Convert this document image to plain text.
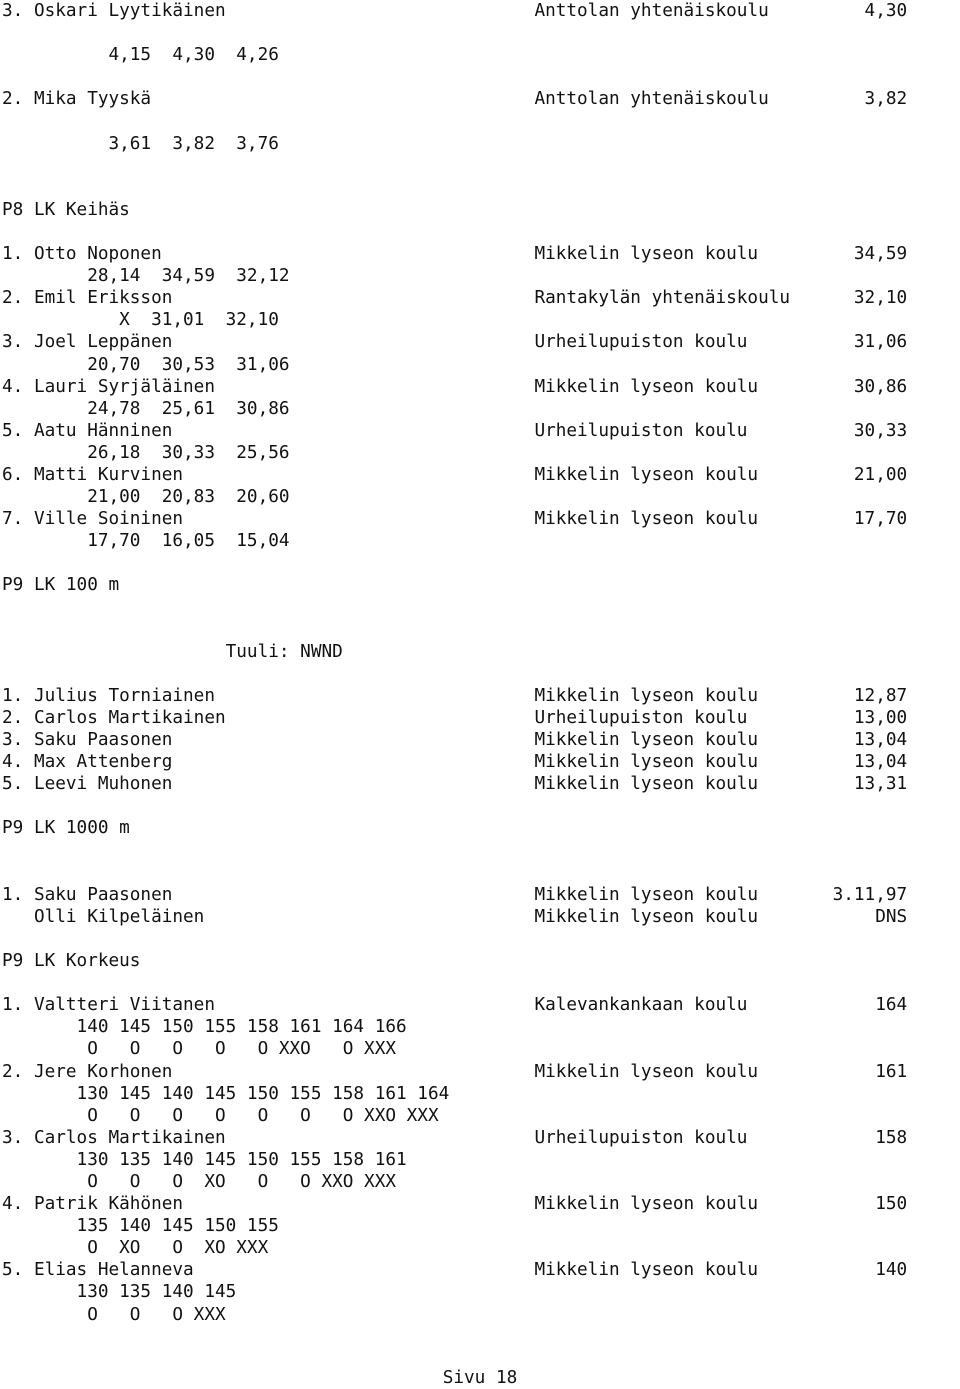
3. Oskari Lyytikäinen                             Anttolan yhtenäiskoulu         4,30

4,15  4,30  4,26

2. Mika Tyyskä                                    Anttolan yhtenäiskoulu         3,82

3,61  3,82  3,76

P8 LK Keihäs

1. Otto Noponen                                   Mikkelin lyseon koulu         34,59
28,14  34,59  32,12
2. Emil Eriksson                                  Rantakylän yhtenäiskoulu      32,10
X  31,01  32,10
3. Joel Leppänen                                  Urheilupuiston koulu          31,06
20,70  30,53  31,06
4. Lauri Syrjäläinen                              Mikkelin lyseon koulu         30,86
24,78  25,61  30,86
5. Aatu Hänninen                                  Urheilupuiston koulu          30,33
26,18  30,33  25,56
6. Matti Kurvinen                                 Mikkelin lyseon koulu         21,00
21,00  20,83  20,60
7. Ville Soininen                                 Mikkelin lyseon koulu         17,70
17,70  16,05  15,04

P9 LK 100 m

Tuuli: NWND

1. Julius Torniainen                              Mikkelin lyseon koulu         12,87
2. Carlos Martikainen                             Urheilupuiston koulu          13,00
3. Saku Paasonen                                  Mikkelin lyseon koulu         13,04
4. Max Attenberg                                  Mikkelin lyseon koulu         13,04
5. Leevi Muhonen                                  Mikkelin lyseon koulu         13,31

P9 LK 1000 m

1. Saku Paasonen                                  Mikkelin lyseon koulu       3.11,97
Olli Kilpeläinen                               Mikkelin lyseon koulu           DNS

P9 LK Korkeus

1. Valtteri Viitanen                              Kalevankankaan koulu            164
140 145 150 155 158 161 164 166
O   O   O   O   O XXO   O XXX
2. Jere Korhonen                                  Mikkelin lyseon koulu           161
130 145 140 145 150 155 158 161 164
O   O   O   O   O   O   O XXO XXX
3. Carlos Martikainen                             Urheilupuiston koulu            158
130 135 140 145 150 155 158 161
O   O   O  XO   O   O XXO XXX
4. Patrik Kähönen                                 Mikkelin lyseon koulu           150
135 140 145 150 155
O  XO   O  XO XXX
5. Elias Helanneva                                Mikkelin lyseon koulu           140
130 135 140 145
O   O   O XXX

Sivu 18
